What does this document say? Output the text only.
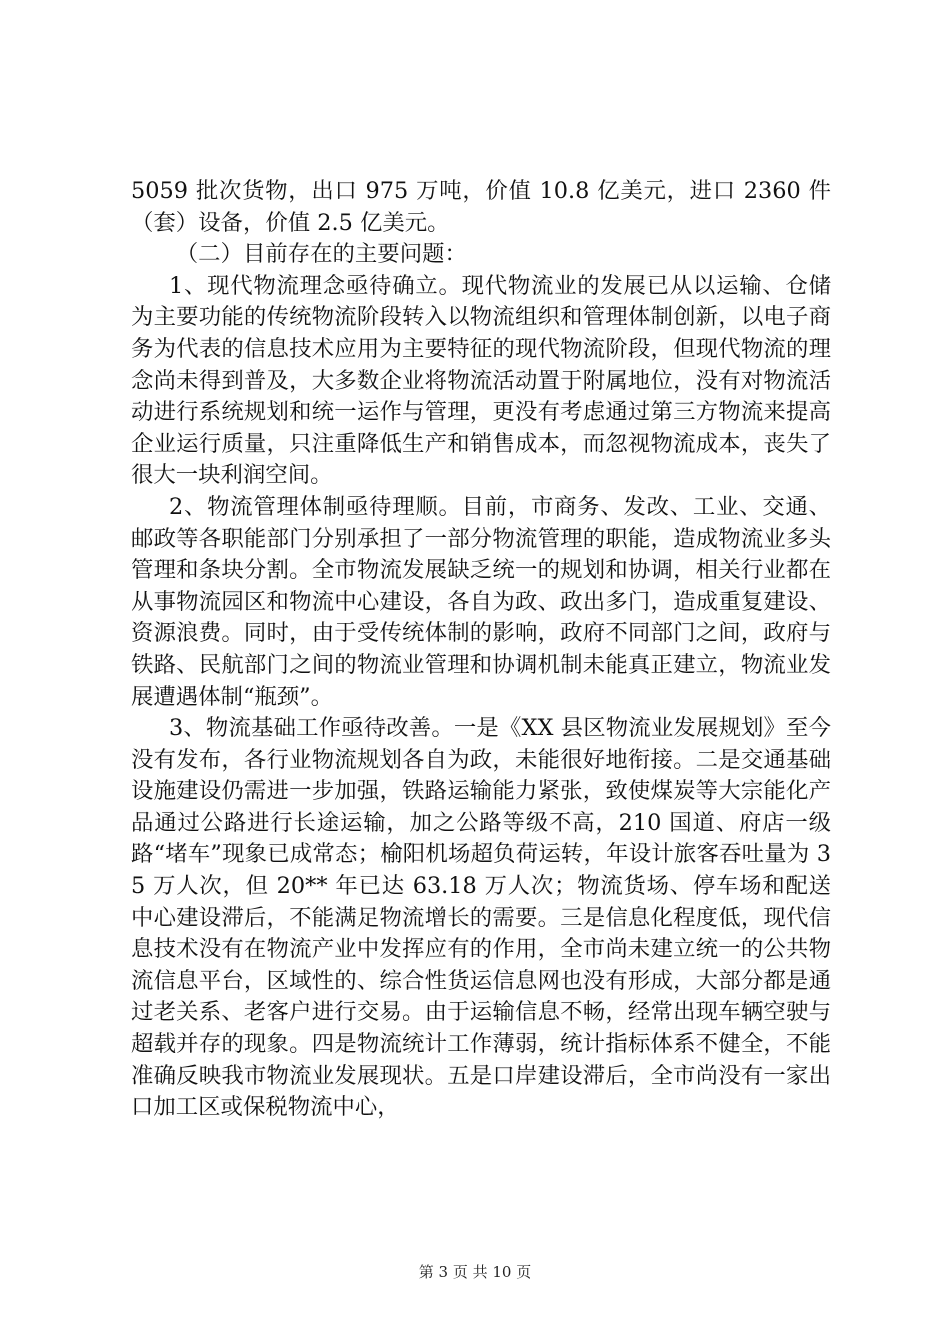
5059 批次货物，出口 975 万吨，价值 10.8 亿美元，进口 2360 件（套）设备，价值 2.5 亿美元。

（二）目前存在的主要问题：

1、现代物流理念亟待确立。现代物流业的发展已从以运输、仓储为主要功能的传统物流阶段转入以物流组织和管理体制创新，以电子商务为代表的信息技术应用为主要特征的现代物流阶段，但现代物流的理念尚未得到普及，大多数企业将物流活动置于附属地位，没有对物流活动进行系统规划和统一运作与管理，更没有考虑通过第三方物流来提高企业运行质量，只注重降低生产和销售成本，而忽视物流成本，丧失了很大一块利润空间。

2、物流管理体制亟待理顺。目前，市商务、发改、工业、交通、邮政等各职能部门分别承担了一部分物流管理的职能，造成物流业多头管理和条块分割。全市物流发展缺乏统一的规划和协调，相关行业都在从事物流园区和物流中心建设，各自为政、政出多门，造成重复建设、资源浪费。同时，由于受传统体制的影响，政府不同部门之间，政府与铁路、民航部门之间的物流业管理和协调机制未能真正建立，物流业发展遭遇体制“瓶颈”。

3、物流基础工作亟待改善。一是《XX 县区物流业发展规划》至今没有发布，各行业物流规划各自为政，未能很好地衔接。二是交通基础设施建设仍需进一步加强，铁路运输能力紧张，致使煤炭等大宗能化产品通过公路进行长途运输，加之公路等级不高，210 国道、府店一级路“堵车”现象已成常态；榆阳机场超负荷运转，年设计旅客吞吐量为 35 万人次，但 20** 年已达 63.18 万人次；物流货场、停车场和配送中心建设滞后，不能满足物流增长的需要。三是信息化程度低，现代信息技术没有在物流产业中发挥应有的作用，全市尚未建立统一的公共物流信息平台，区域性的、综合性货运信息网也没有形成，大部分都是通过老关系、老客户进行交易。由于运输信息不畅，经常出现车辆空驶与超载并存的现象。四是物流统计工作薄弱，统计指标体系不健全，不能准确反映我市物流业发展现状。五是口岸建设滞后，全市尚没有一家出口加工区或保税物流中心，

第 3 页 共 10 页
